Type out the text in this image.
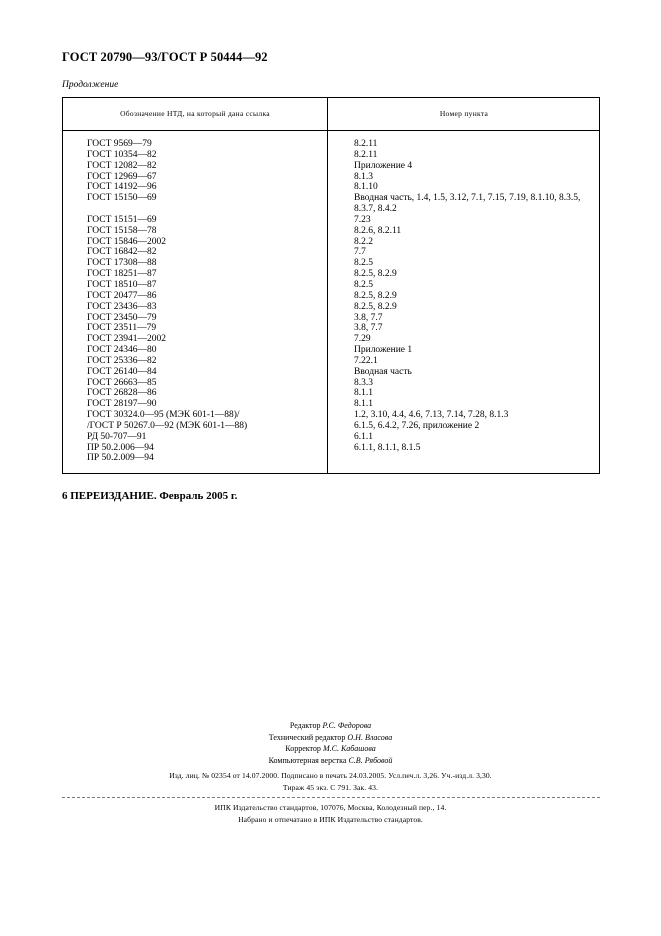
ГОСТ 20790—93/ГОСТ Р 50444—92
Продолжение
Обозначение НТД, на который дана ссылка	Номер пункта
ГОСТ 9569—79
ГОСТ 10354—82
ГОСТ 12082—82
ГОСТ 12969—67
ГОСТ 14192—96
ГОСТ 15150—69
ГОСТ 15151—69
ГОСТ 15158—78
ГОСТ 15846—2002
ГОСТ 16842—82
ГОСТ 17308—88
ГОСТ 18251—87
ГОСТ 18510—87
ГОСТ 20477—86
ГОСТ 23436—83
ГОСТ 23450—79
ГОСТ 23511—79
ГОСТ 23941—2002
ГОСТ 24346—80
ГОСТ 25336—82
ГОСТ 26140—84
ГОСТ 26663—85
ГОСТ 26828—86
ГОСТ 28197—90
ГОСТ 30324.0—95 (МЭК 601-1—88)/
/ГОСТ Р 50267.0—92 (МЭК 601-1—88)
РД 50-707—91
ПР 50.2.006—94
ПР 50.2.009—94
8.2.11
8.2.11
Приложение 4
8.1.3
8.1.10
Вводная часть, 1.4, 1.5, 3.12, 7.1, 7.15, 7.19, 8.1.10, 8.3.5, 8.3.7, 8.4.2
7.23
8.2.6, 8.2.11
8.2.2
7.7
8.2.5
8.2.5, 8.2.9
8.2.5
8.2.5, 8.2.9
8.2.5, 8.2.9
3.8, 7.7
3.8, 7.7
7.29
Приложение 1
7.22.1
Вводная часть
8.3.3
8.1.1
8.1.1
1.2, 3.10, 4.4, 4.6, 7.13, 7.14, 7.28, 8.1.3
6.1.5, 6.4.2, 7.26, приложение 2
6.1.1
6.1.1, 8.1.1, 8.1.5
6 ПЕРЕИЗДАНИЕ. Февраль 2005 г.
Редактор Р.С. Федорова
Технический редактор О.Н. Власова
Корректор М.С. Кабашова
Компьютерная верстка С.В. Рябовой
Изд. лиц. № 02354 от 14.07.2000. Подписано в печать 24.03.2005. Усл.печ.л. 3,26. Уч.-изд.л. 3,30.
Тираж 45 экз. С 791. Зак. 43.
ИПК Издательство стандартов, 107076, Москва, Колодезный пер., 14.
Набрано и отпечатано в ИПК Издательство стандартов.
